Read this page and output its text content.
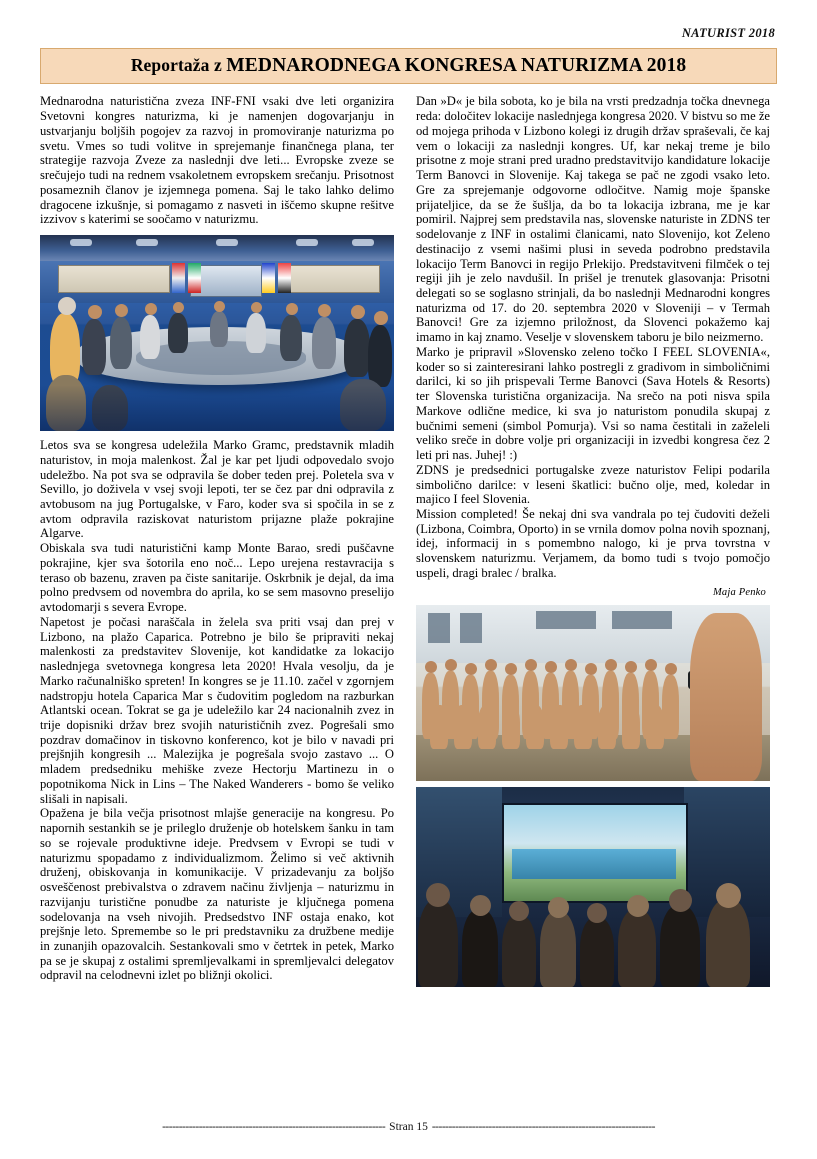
NATURIST 2018
Reportaža z MEDNARODNEGA KONGRESA NATURIZMA 2018

Mednarodna naturistična zveza INF-FNI vsaki dve leti organizira Svetovni kongres naturizma, ki je namenjen dogovarjanju in ustvarjanju boljših pogojev za razvoj in promoviranje naturizma po svetu. Vmes so tudi volitve in sprejemanje finančnega plana, ter strategije razvoja Zveze za naslednji dve leti... Evropske zveze se srečujejo tudi na rednem vsakoletnem evropskem srečanju. Prisotnost posameznih članov je izjemnega pomena. Saj le tako lahko delimo dragocene izkušnje, si pomagamo z nasveti in iščemo skupne rešitve izzivov s katerimi se soočamo v naturizmu.

Letos sva se kongresa udeležila Marko Gramc, predstavnik mladih naturistov, in moja malenkost. Žal je kar pet ljudi odpovedalo svojo udeležbo. Na pot sva se odpravila še dober teden prej. Poletela sva v Sevillo, jo doživela v vsej svoji lepoti, ter se čez par dni odpravila z avtobusom na jug Portugalske, v Faro, koder sva si spočila in se z avtom odpravila raziskovat naturistom prijazne plaže pokrajine Algarve.

Obiskala sva tudi naturistični kamp Monte Barao, sredi puščavne pokrajine, kjer sva šotorila eno noč... Lepo urejena restavracija s teraso ob bazenu, zraven pa čiste sanitarije. Oskrbnik je dejal, da ima polno predvsem od novembra do aprila, ko se sem masovno preselijo avtodomarji s severa Evrope.

Napetost je počasi naraščala in želela sva priti vsaj dan prej v Lizbono, na plažo Caparica. Potrebno je bilo še pripraviti nekaj malenkosti za predstavitev Slovenije, kot kandidatke za lokacijo naslednjega svetovnega kongresa leta 2020! Hvala vesolju, da je Marko računalniško spreten! In kongres se je 11.10. začel v zgornjem nadstropju hotela Caparica Mar s čudovitim pogledom na razburkan Atlantski ocean. Tokrat se ga je udeležilo kar 24 nacionalnih zvez in trije dopisniki držav brez svojih naturističnih zvez. Pogrešali smo pozdrav domačinov in tiskovno konferenco, kot je bilo v navadi pri prejšnjih kongresih ... Malezijka je pogrešala svojo zastavo ... O mladem predsedniku mehiške zveze Hectorju Martinezu in o popotnikoma Nick in Lins – The Naked Wanderers - bomo še veliko slišali in napisali.

Opažena je bila večja prisotnost mlajše generacije na kongresu. Po napornih sestankih se je prileglo druženje ob hotelskem šanku in tam so se rojevale produktivne ideje. Predvsem v Evropi se tudi v naturizmu spopadamo z individualizmom. Želimo si več aktivnih druženj, obiskovanja in komunikacije. V prizadevanju za boljšo osveščenost prebivalstva o zdravem načinu življenja – naturizmu in razvijanju turistične ponudbe za naturiste je ključnega pomena sodelovanja na vseh nivojih. Predsedstvo INF ostaja enako, kot prejšnje leto. Spremembe so le pri predstavniku za družbene medije in zunanjih opazovalcih. Sestankovali smo v četrtek in petek, Marko pa se je skupaj z ostalimi spremljevalkami in spremljevalci delegatov odpravil na celodnevni izlet po bližnji okolici.

Dan »D« je bila sobota, ko je bila na vrsti predzadnja točka dnevnega reda: določitev lokacije naslednjega kongresa 2020. V bistvu so me že od mojega prihoda v Lizbono kolegi iz drugih držav spraševali, če kaj vem o lokaciji za naslednji kongres. Uf, kar nekaj treme je bilo prisotne z moje strani pred uradno predstavitvijo kandidature lokacije Term Banovci in Slovenije. Kaj takega se pač ne zgodi vsako leto. Gre za sprejemanje odgovorne odločitve. Namig moje španske prijateljice, da se že šušlja, da bo ta lokacija izbrana, me je kar pomiril. Najprej sem predstavila nas, slovenske naturiste in ZDNS ter sodelovanje z INF in ostalimi članicami, nato Slovenijo, kot Zeleno destinacijo z vsemi našimi plusi in seveda podrobno predstavila lokacijo Term Banovci in regijo Prlekijo. Predstavitveni filmček o tej regiji jih je zelo navdušil. In prišel je trenutek glasovanja: Prisotni delegati so se soglasno strinjali, da bo naslednji Mednarodni kongres naturizma od 17. do 20. septembra 2020 v Sloveniji – v Termah Banovci! Gre za izjemno priložnost, da Slovenci pokažemo kaj imamo in kaj znamo. Veselje v slovenskem taboru je bilo neizmerno.

Marko je pripravil »Slovensko zeleno točko I FEEL SLOVENIA«, koder so si zainteresirani lahko postregli z gradivom in simboličnimi darilci, ki so jih prispevali Terme Banovci (Sava Hotels & Resorts) ter Slovenska turistična organizacija. Na srečo na poti nisva spila Markove odlične medice, ki sva jo naturistom ponudila skupaj z bučnimi semeni (simbol Pomurja). Vsi so nama čestitali in zaželeli veliko sreče in dobre volje pri organizaciji in izvedbi kongresa čez 2 leti pri nas. Juhej! :)

ZDNS je predsednici portugalske zveze naturistov Felipi podarila simbolično darilce: v leseni škatlici: bučno olje, med, koledar in majico I feel Slovenia.

Mission completed! Še nekaj dni sva vandrala po tej čudoviti deželi (Lizbona, Coimbra, Oporto) in se vrnila domov polna novih spoznanj, idej, informacij in s pomembno nalogo, ki je prva tovrstna v slovenskem naturizmu. Verjamem, da bomo tudi s tvojo pomočjo uspeli, dragi bralec / bralka.

Maja Penko
------------------------------------------------------------------- Stran 15 -------------------------------------------------------------------
